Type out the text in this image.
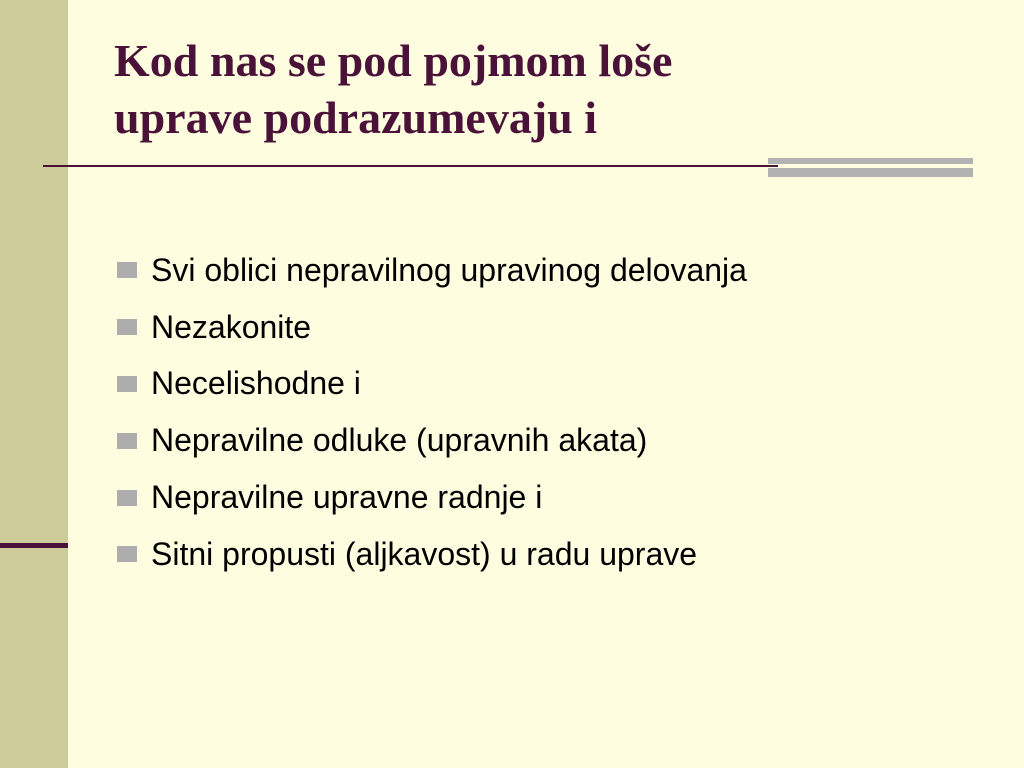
Kod nas se pod pojmom loše
uprave podrazumevaju i
Svi oblici nepravilnog upravinog delovanja
Nezakonite
Necelishodne i
Nepravilne odluke (upravnih akata)
Nepravilne upravne radnje i
Sitni propusti (aljkavost) u radu uprave
